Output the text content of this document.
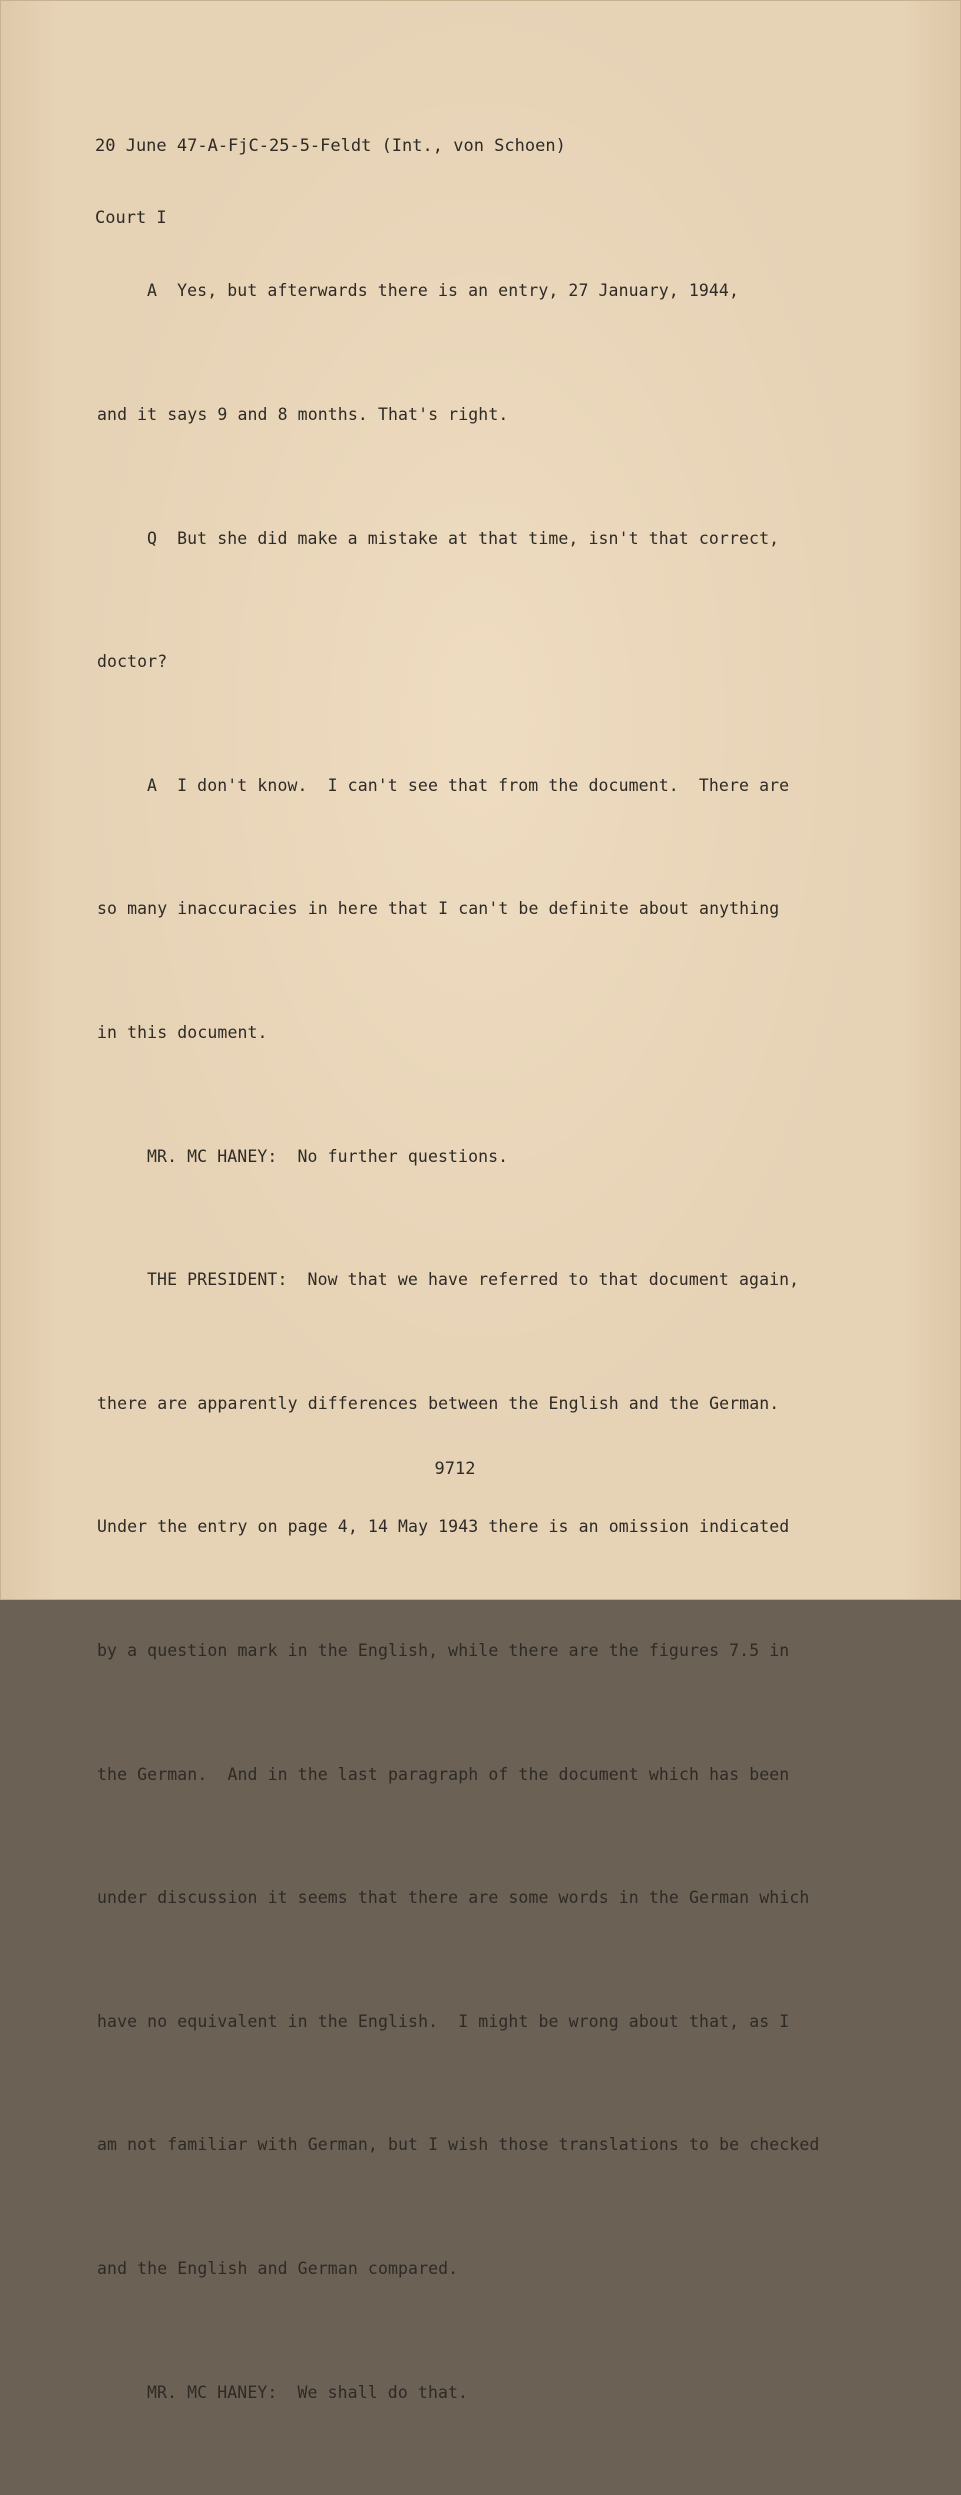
20 June 47-A-FjC-25-5-Feldt (Int., von Schoen)

Court I

A  Yes, but afterwards there is an entry, 27 January, 1944,

and it says 9 and 8 months. That's right.

Q  But she did make a mistake at that time, isn't that correct,

doctor?

A  I don't know.  I can't see that from the document.  There are

so many inaccuracies in here that I can't be definite about anything

in this document.

MR. MC HANEY:  No further questions.

THE PRESIDENT:  Now that we have referred to that document again,

there are apparently differences between the English and the German.

Under the entry on page 4, 14 May 1943 there is an omission indicated

by a question mark in the English, while there are the figures 7.5 in

the German.  And in the last paragraph of the document which has been

under discussion it seems that there are some words in the German which

have no equivalent in the English.  I might be wrong about that, as I

am not familiar with German, but I wish those translations to be checked

and the English and German compared.

MR. MC HANEY:  We shall do that.

9712
